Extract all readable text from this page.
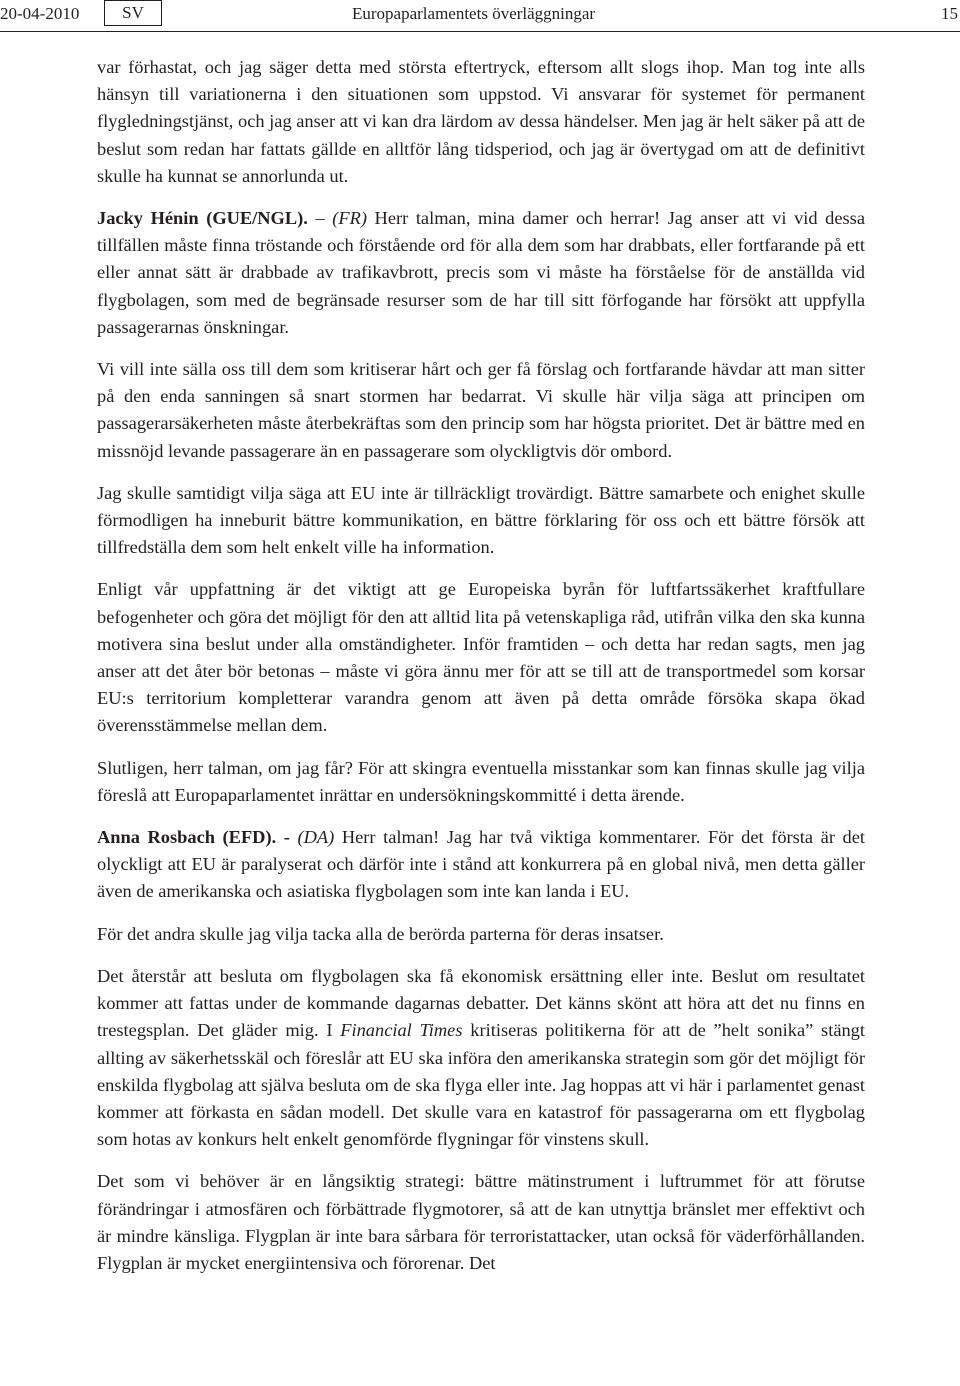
20-04-2010	SV	Europaparlamentets överläggningar	15

var förhastat, och jag säger detta med största eftertryck, eftersom allt slogs ihop. Man tog inte alls hänsyn till variationerna i den situationen som uppstod. Vi ansvarar för systemet för permanent flygledningstjänst, och jag anser att vi kan dra lärdom av dessa händelser. Men jag är helt säker på att de beslut som redan har fattats gällde en alltför lång tidsperiod, och jag är övertygad om att de definitivt skulle ha kunnat se annorlunda ut.

Jacky Hénin (GUE/NGL). – (FR) Herr talman, mina damer och herrar! Jag anser att vi vid dessa tillfällen måste finna tröstande och förstående ord för alla dem som har drabbats, eller fortfarande på ett eller annat sätt är drabbade av trafikavbrott, precis som vi måste ha förståelse för de anställda vid flygbolagen, som med de begränsade resurser som de har till sitt förfogande har försökt att uppfylla passagerarnas önskningar.

Vi vill inte sälla oss till dem som kritiserar hårt och ger få förslag och fortfarande hävdar att man sitter på den enda sanningen så snart stormen har bedarrat. Vi skulle här vilja säga att principen om passagerarsäkerheten måste återbekräftas som den princip som har högsta prioritet. Det är bättre med en missnöjd levande passagerare än en passagerare som olyckligtvis dör ombord.

Jag skulle samtidigt vilja säga att EU inte är tillräckligt trovärdigt. Bättre samarbete och enighet skulle förmodligen ha inneburit bättre kommunikation, en bättre förklaring för oss och ett bättre försök att tillfredställa dem som helt enkelt ville ha information.

Enligt vår uppfattning är det viktigt att ge Europeiska byrån för luftfartssäkerhet kraftfullare befogenheter och göra det möjligt för den att alltid lita på vetenskapliga råd, utifrån vilka den ska kunna motivera sina beslut under alla omständigheter. Inför framtiden – och detta har redan sagts, men jag anser att det åter bör betonas – måste vi göra ännu mer för att se till att de transportmedel som korsar EU:s territorium kompletterar varandra genom att även på detta område försöka skapa ökad överensstämmelse mellan dem.

Slutligen, herr talman, om jag får? För att skingra eventuella misstankar som kan finnas skulle jag vilja föreslå att Europaparlamentet inrättar en undersökningskommitté i detta ärende.

Anna Rosbach (EFD). - (DA) Herr talman! Jag har två viktiga kommentarer. För det första är det olyckligt att EU är paralyserat och därför inte i stånd att konkurrera på en global nivå, men detta gäller även de amerikanska och asiatiska flygbolagen som inte kan landa i EU.

För det andra skulle jag vilja tacka alla de berörda parterna för deras insatser.

Det återstår att besluta om flygbolagen ska få ekonomisk ersättning eller inte. Beslut om resultatet kommer att fattas under de kommande dagarnas debatter. Det känns skönt att höra att det nu finns en trestegsplan. Det gläder mig. I Financial Times kritiseras politikerna för att de ”helt sonika” stängt allting av säkerhetsskäl och föreslår att EU ska införa den amerikanska strategin som gör det möjligt för enskilda flygbolag att själva besluta om de ska flyga eller inte. Jag hoppas att vi här i parlamentet genast kommer att förkasta en sådan modell. Det skulle vara en katastrof för passagerarna om ett flygbolag som hotas av konkurs helt enkelt genomförde flygningar för vinstens skull.

Det som vi behöver är en långsiktig strategi: bättre mätinstrument i luftrummet för att förutse förändringar i atmosfären och förbättrade flygmotorer, så att de kan utnyttja bränslet mer effektivt och är mindre känsliga. Flygplan är inte bara sårbara för terroristattacker, utan också för väderförhållanden. Flygplan är mycket energiintensiva och förorenar. Det
